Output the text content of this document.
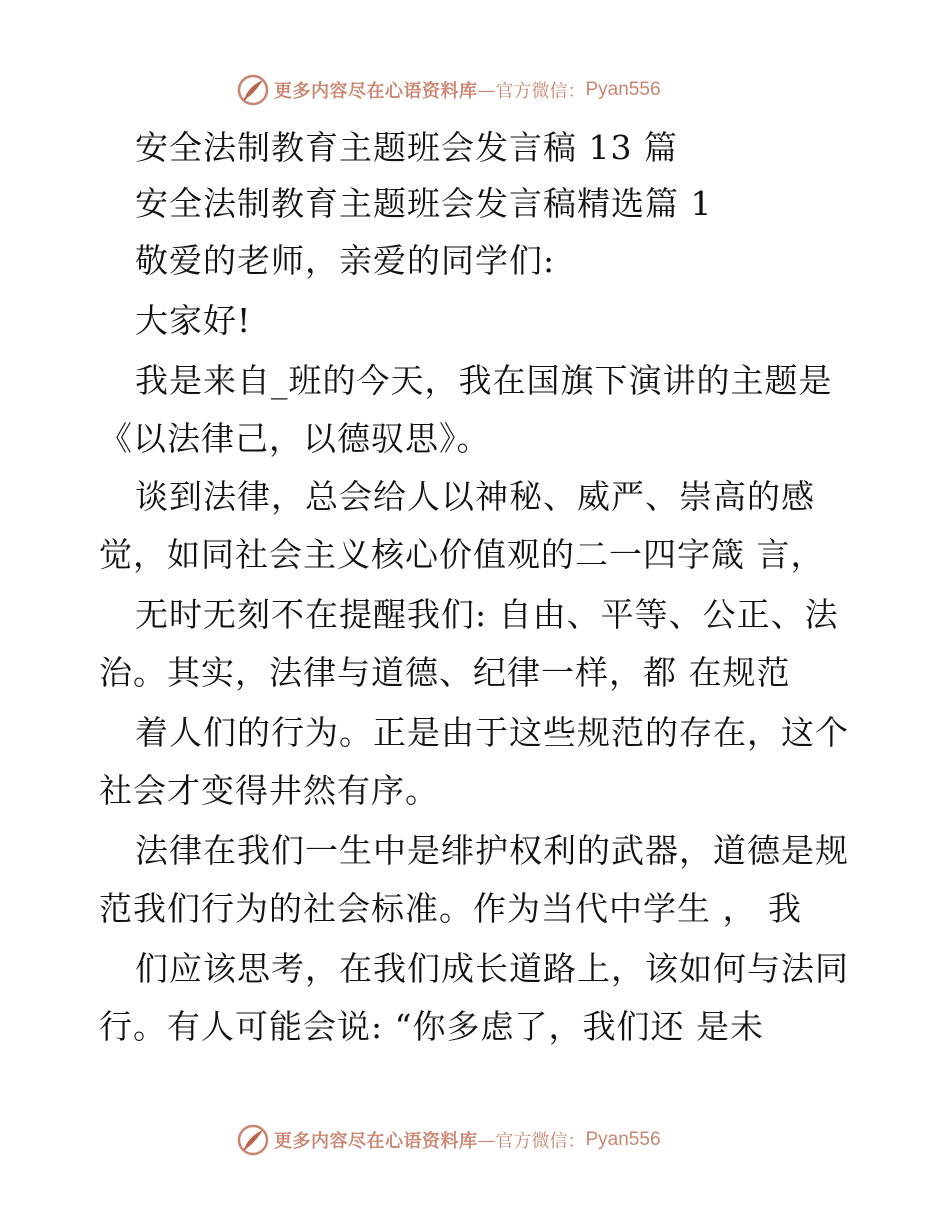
更多内容尽在心语资料库 — 官方微信： Pyan556
安全法制教育主题班会发言稿 13 篇
安全法制教育主题班会发言稿精选篇 1
敬爱的老师，亲爱的同学们:
大家好!
我是来自_班的今天，我在国旗下演讲的主题是
《以法律己，以德驭思》。
谈到法律，总会给人以神秘、威严、崇高的感
觉，如同社会主义核心价值观的二一四字箴 言，
无时无刻不在提醒我们: 自由、平等、公正、法
治。其实，法律与道德、纪律一样，都 在规范
着人们的行为。正是由于这些规范的存在，这个
社会才变得井然有序。
法律在我们一生中是绯护权利的武器，道德是规
范我们行为的社会标准。作为当代中学生 ， 我
们应该思考，在我们成长道路上，该如何与法同
行。有人可能会说: “你多虑了，我们还 是未
更多内容尽在心语资料库 — 官方微信： Pyan556
